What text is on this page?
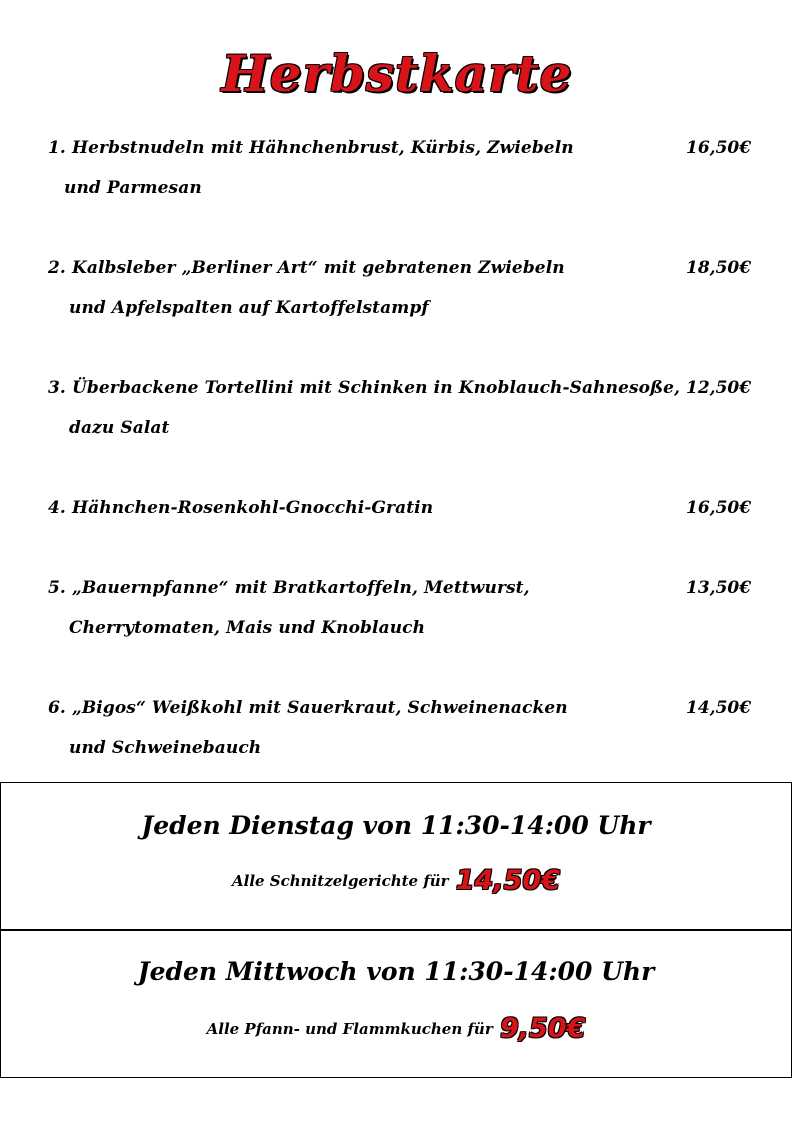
Herbstkarte
1. Herbstnudeln mit Hähnchenbrust, Kürbis, Zwiebeln
und Parmesan
16,50€
2. Kalbsleber „Berliner Art“ mit gebratenen Zwiebeln
und Apfelspalten auf Kartoffelstampf
18,50€
3. Überbackene Tortellini mit Schinken in Knoblauch-Sahnesoße,
dazu Salat
12,50€
4. Hähnchen-Rosenkohl-Gnocchi-Gratin	16,50€
5. „Bauernpfanne“ mit Bratkartoffeln, Mettwurst,
Cherrytomaten, Mais und Knoblauch
13,50€
6. „Bigos“ Weißkohl mit Sauerkraut, Schweinenacken
und Schweinebauch
14,50€
Jeden Dienstag von 11:30-14:00 Uhr
Alle Schnitzelgerichte für 14,50€
Jeden Mittwoch von 11:30-14:00 Uhr
Alle Pfann- und Flammkuchen für 9,50€
